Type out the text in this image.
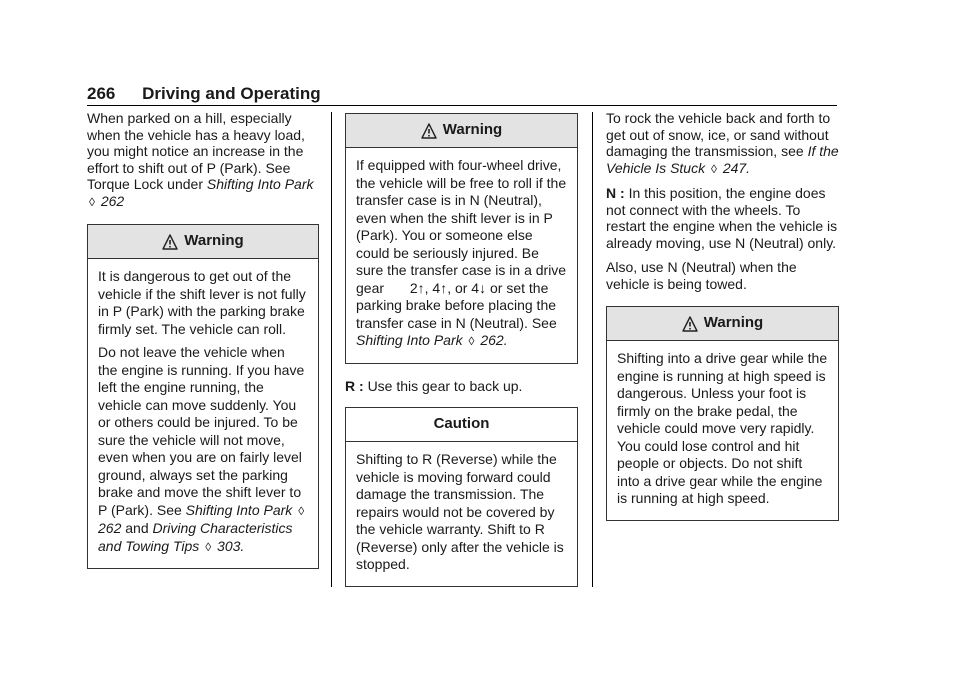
266 Driving and Operating

When parked on a hill, especially when the vehicle has a heavy load, you might notice an increase in the effort to shift out of P (Park). See Torque Lock under Shifting Into Park ◊ 262

Warning

It is dangerous to get out of the vehicle if the shift lever is not fully in P (Park) with the parking brake firmly set. The vehicle can roll.

Do not leave the vehicle when the engine is running. If you have left the engine running, the vehicle can move suddenly. You or others could be injured. To be sure the vehicle will not move, even when you are on fairly level ground, always set the parking brake and move the shift lever to P (Park). See Shifting Into Park ◊ 262 and Driving Characteristics and Towing Tips ◊ 303.

Warning

If equipped with four-wheel drive, the vehicle will be free to roll if the transfer case is in N (Neutral), even when the shift lever is in P (Park). You or someone else could be seriously injured. Be sure the transfer case is in a drive gear 2↑, 4↑, or 4↓ or set the parking brake before placing the transfer case in N (Neutral). See Shifting Into Park ◊ 262.

R : Use this gear to back up.

Caution

Shifting to R (Reverse) while the vehicle is moving forward could damage the transmission. The repairs would not be covered by the vehicle warranty. Shift to R (Reverse) only after the vehicle is stopped.

To rock the vehicle back and forth to get out of snow, ice, or sand without damaging the transmission, see If the Vehicle Is Stuck ◊ 247.

N : In this position, the engine does not connect with the wheels. To restart the engine when the vehicle is already moving, use N (Neutral) only.

Also, use N (Neutral) when the vehicle is being towed.

Warning

Shifting into a drive gear while the engine is running at high speed is dangerous. Unless your foot is firmly on the brake pedal, the vehicle could move very rapidly. You could lose control and hit people or objects. Do not shift into a drive gear while the engine is running at high speed.
